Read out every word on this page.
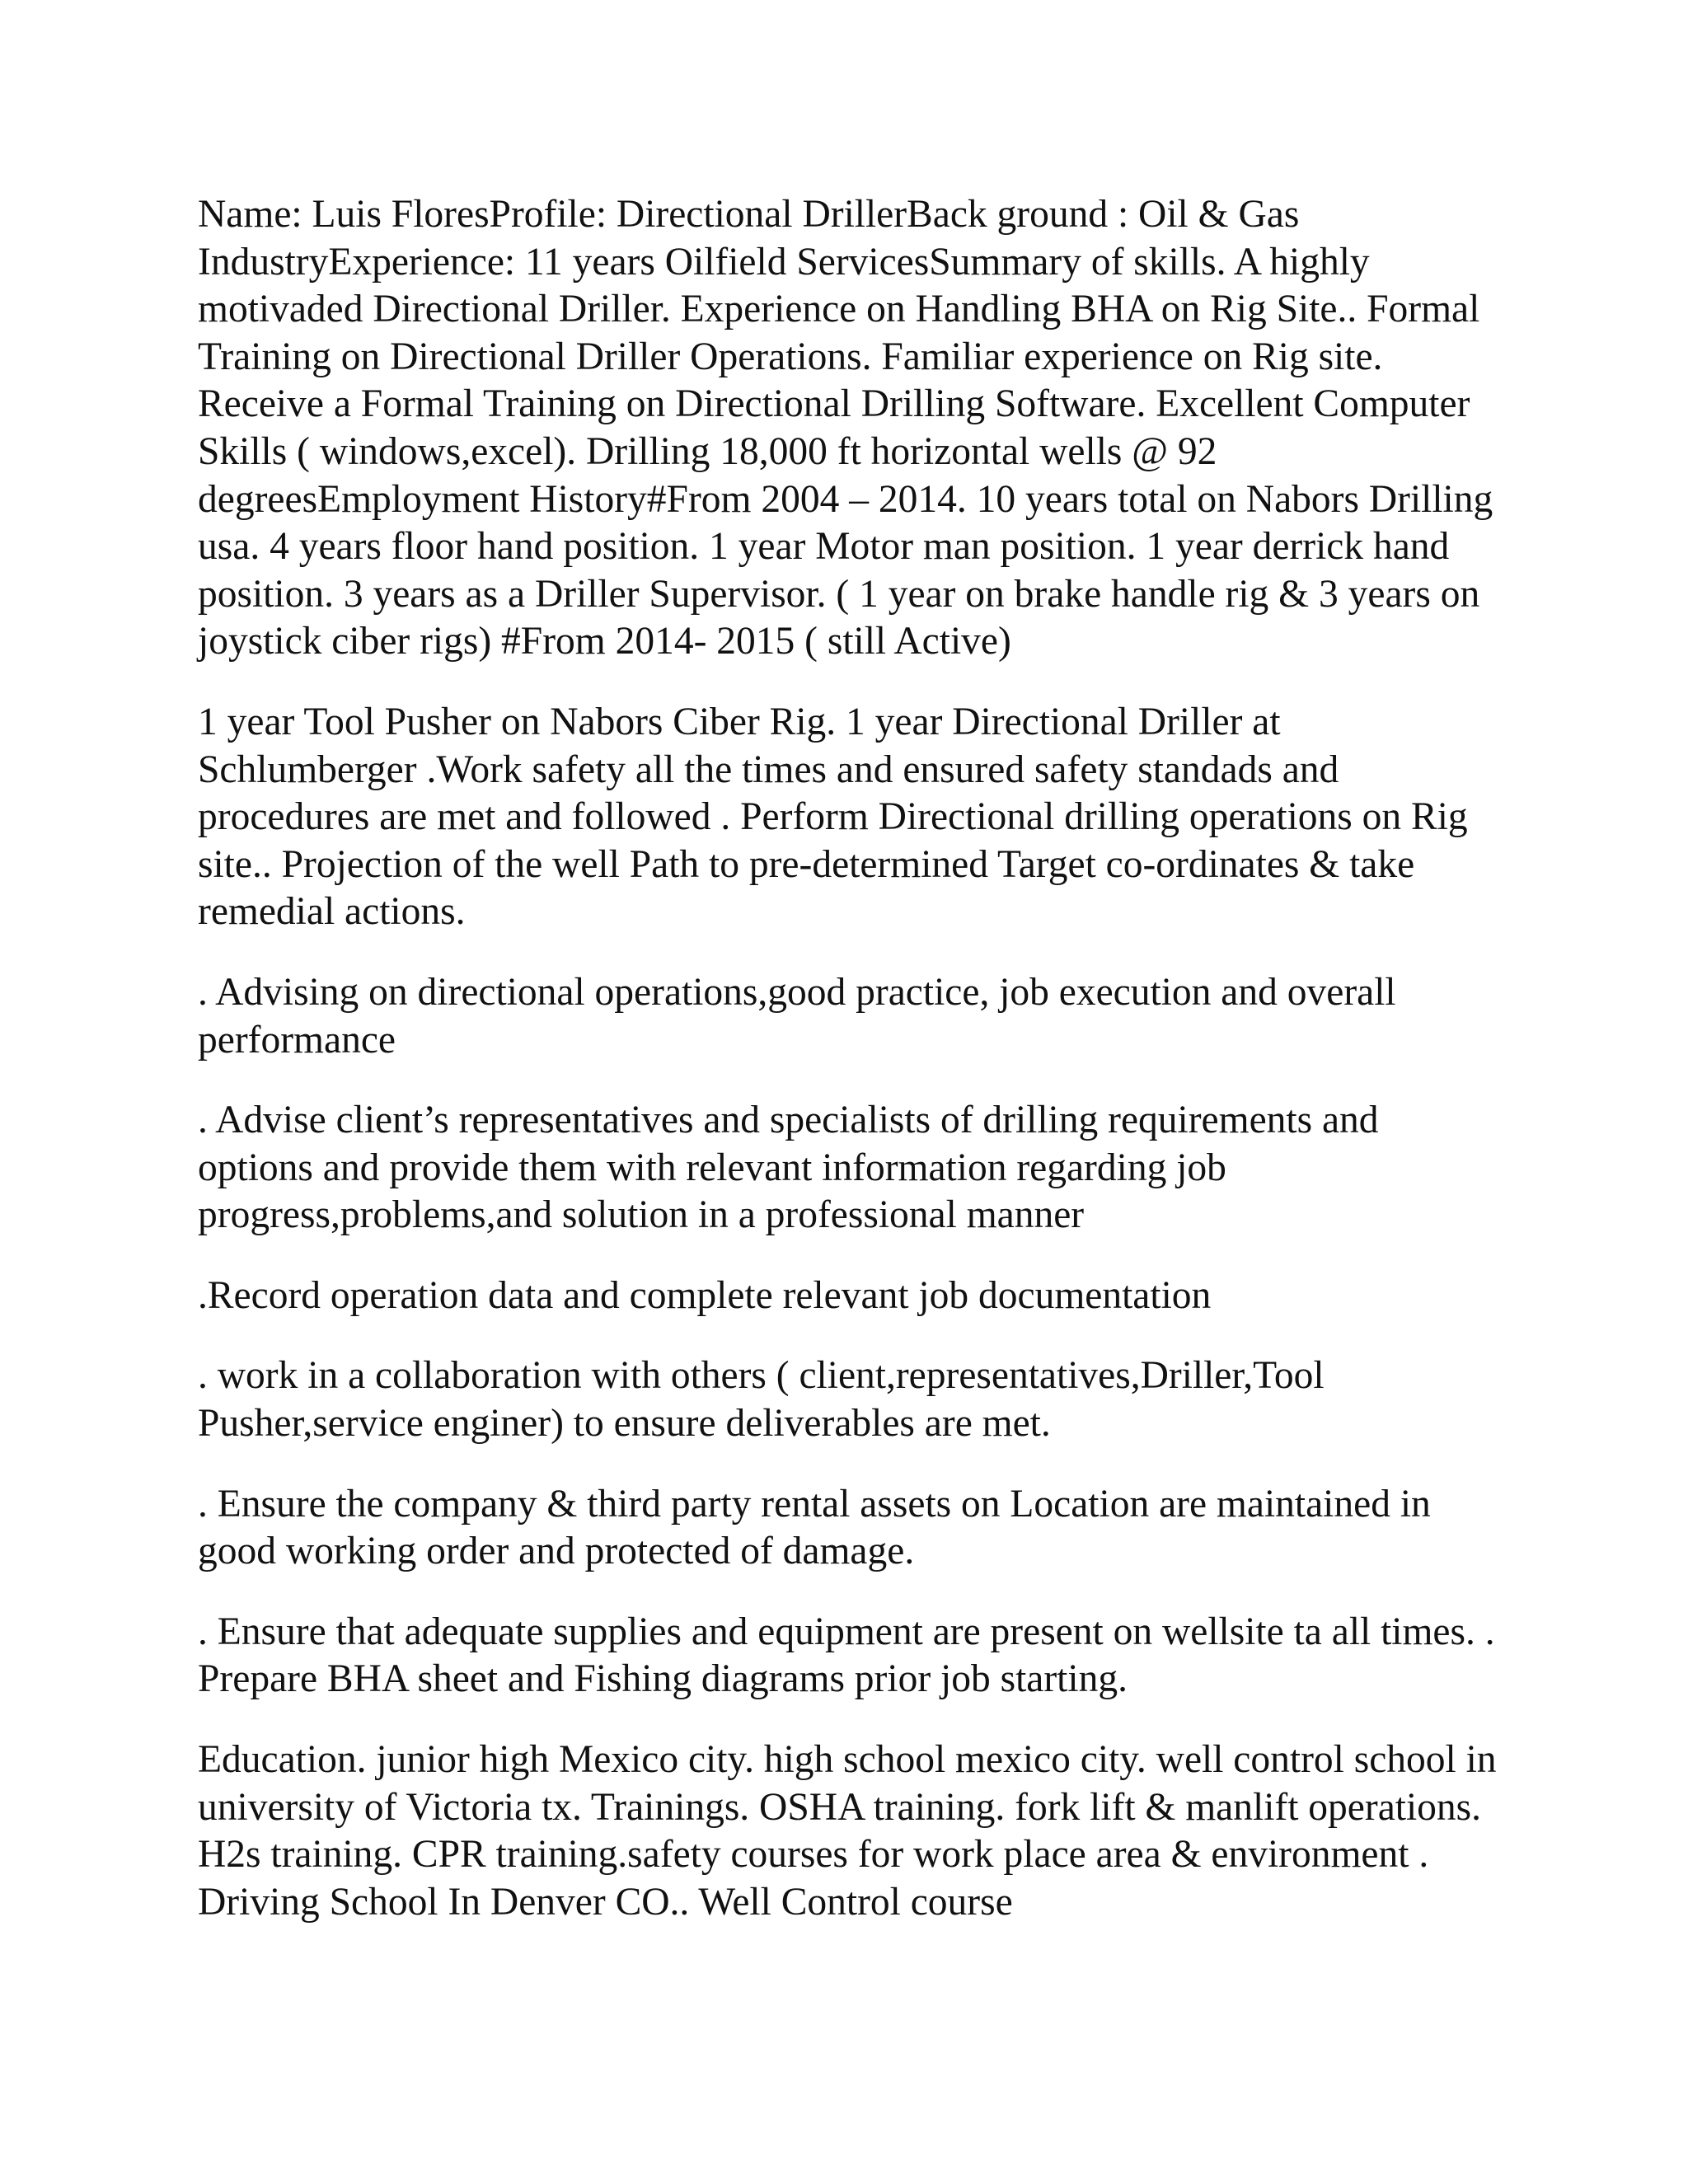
Name: Luis FloresProfile: Directional DrillerBack ground : Oil & Gas IndustryExperience: 11 years Oilfield ServicesSummary of skills. A highly motivaded Directional Driller. Experience on Handling BHA on Rig Site.. Formal Training on Directional Driller Operations. Familiar experience on Rig site. Receive a Formal Training on Directional Drilling Software. Excellent Computer Skills ( windows,excel). Drilling 18,000 ft horizontal wells @ 92 degreesEmployment History#From 2004 – 2014. 10 years total on Nabors Drilling usa. 4 years floor hand position. 1 year Motor man position. 1 year derrick hand position. 3 years as a Driller Supervisor. ( 1 year on brake handle rig & 3 years on joystick ciber rigs) #From 2014- 2015 ( still Active)

1 year Tool Pusher on Nabors Ciber Rig. 1 year Directional Driller at Schlumberger .Work safety all the times and ensured safety standads and procedures are met and followed . Perform Directional drilling operations on Rig site.. Projection of the well Path to pre-determined Target co-ordinates & take remedial actions.

. Advising on directional operations,good practice, job execution and overall performance

. Advise client’s representatives and specialists of drilling requirements and options and provide them with relevant information regarding job progress,problems,and solution in a professional manner

.Record operation data and complete relevant job documentation

. work in a collaboration with others ( client,representatives,Driller,Tool Pusher,service enginer) to ensure deliverables are met.

. Ensure the company & third party rental assets on Location are maintained in good working order and protected of damage.

. Ensure that adequate supplies and equipment are present on wellsite ta all times. . Prepare BHA sheet and Fishing diagrams prior job starting.

Education. junior high Mexico city. high school mexico city. well control school in university of Victoria tx. Trainings. OSHA training. fork lift & manlift operations. H2s training. CPR training.safety courses for work place area & environment . Driving School In Denver CO.. Well Control course
